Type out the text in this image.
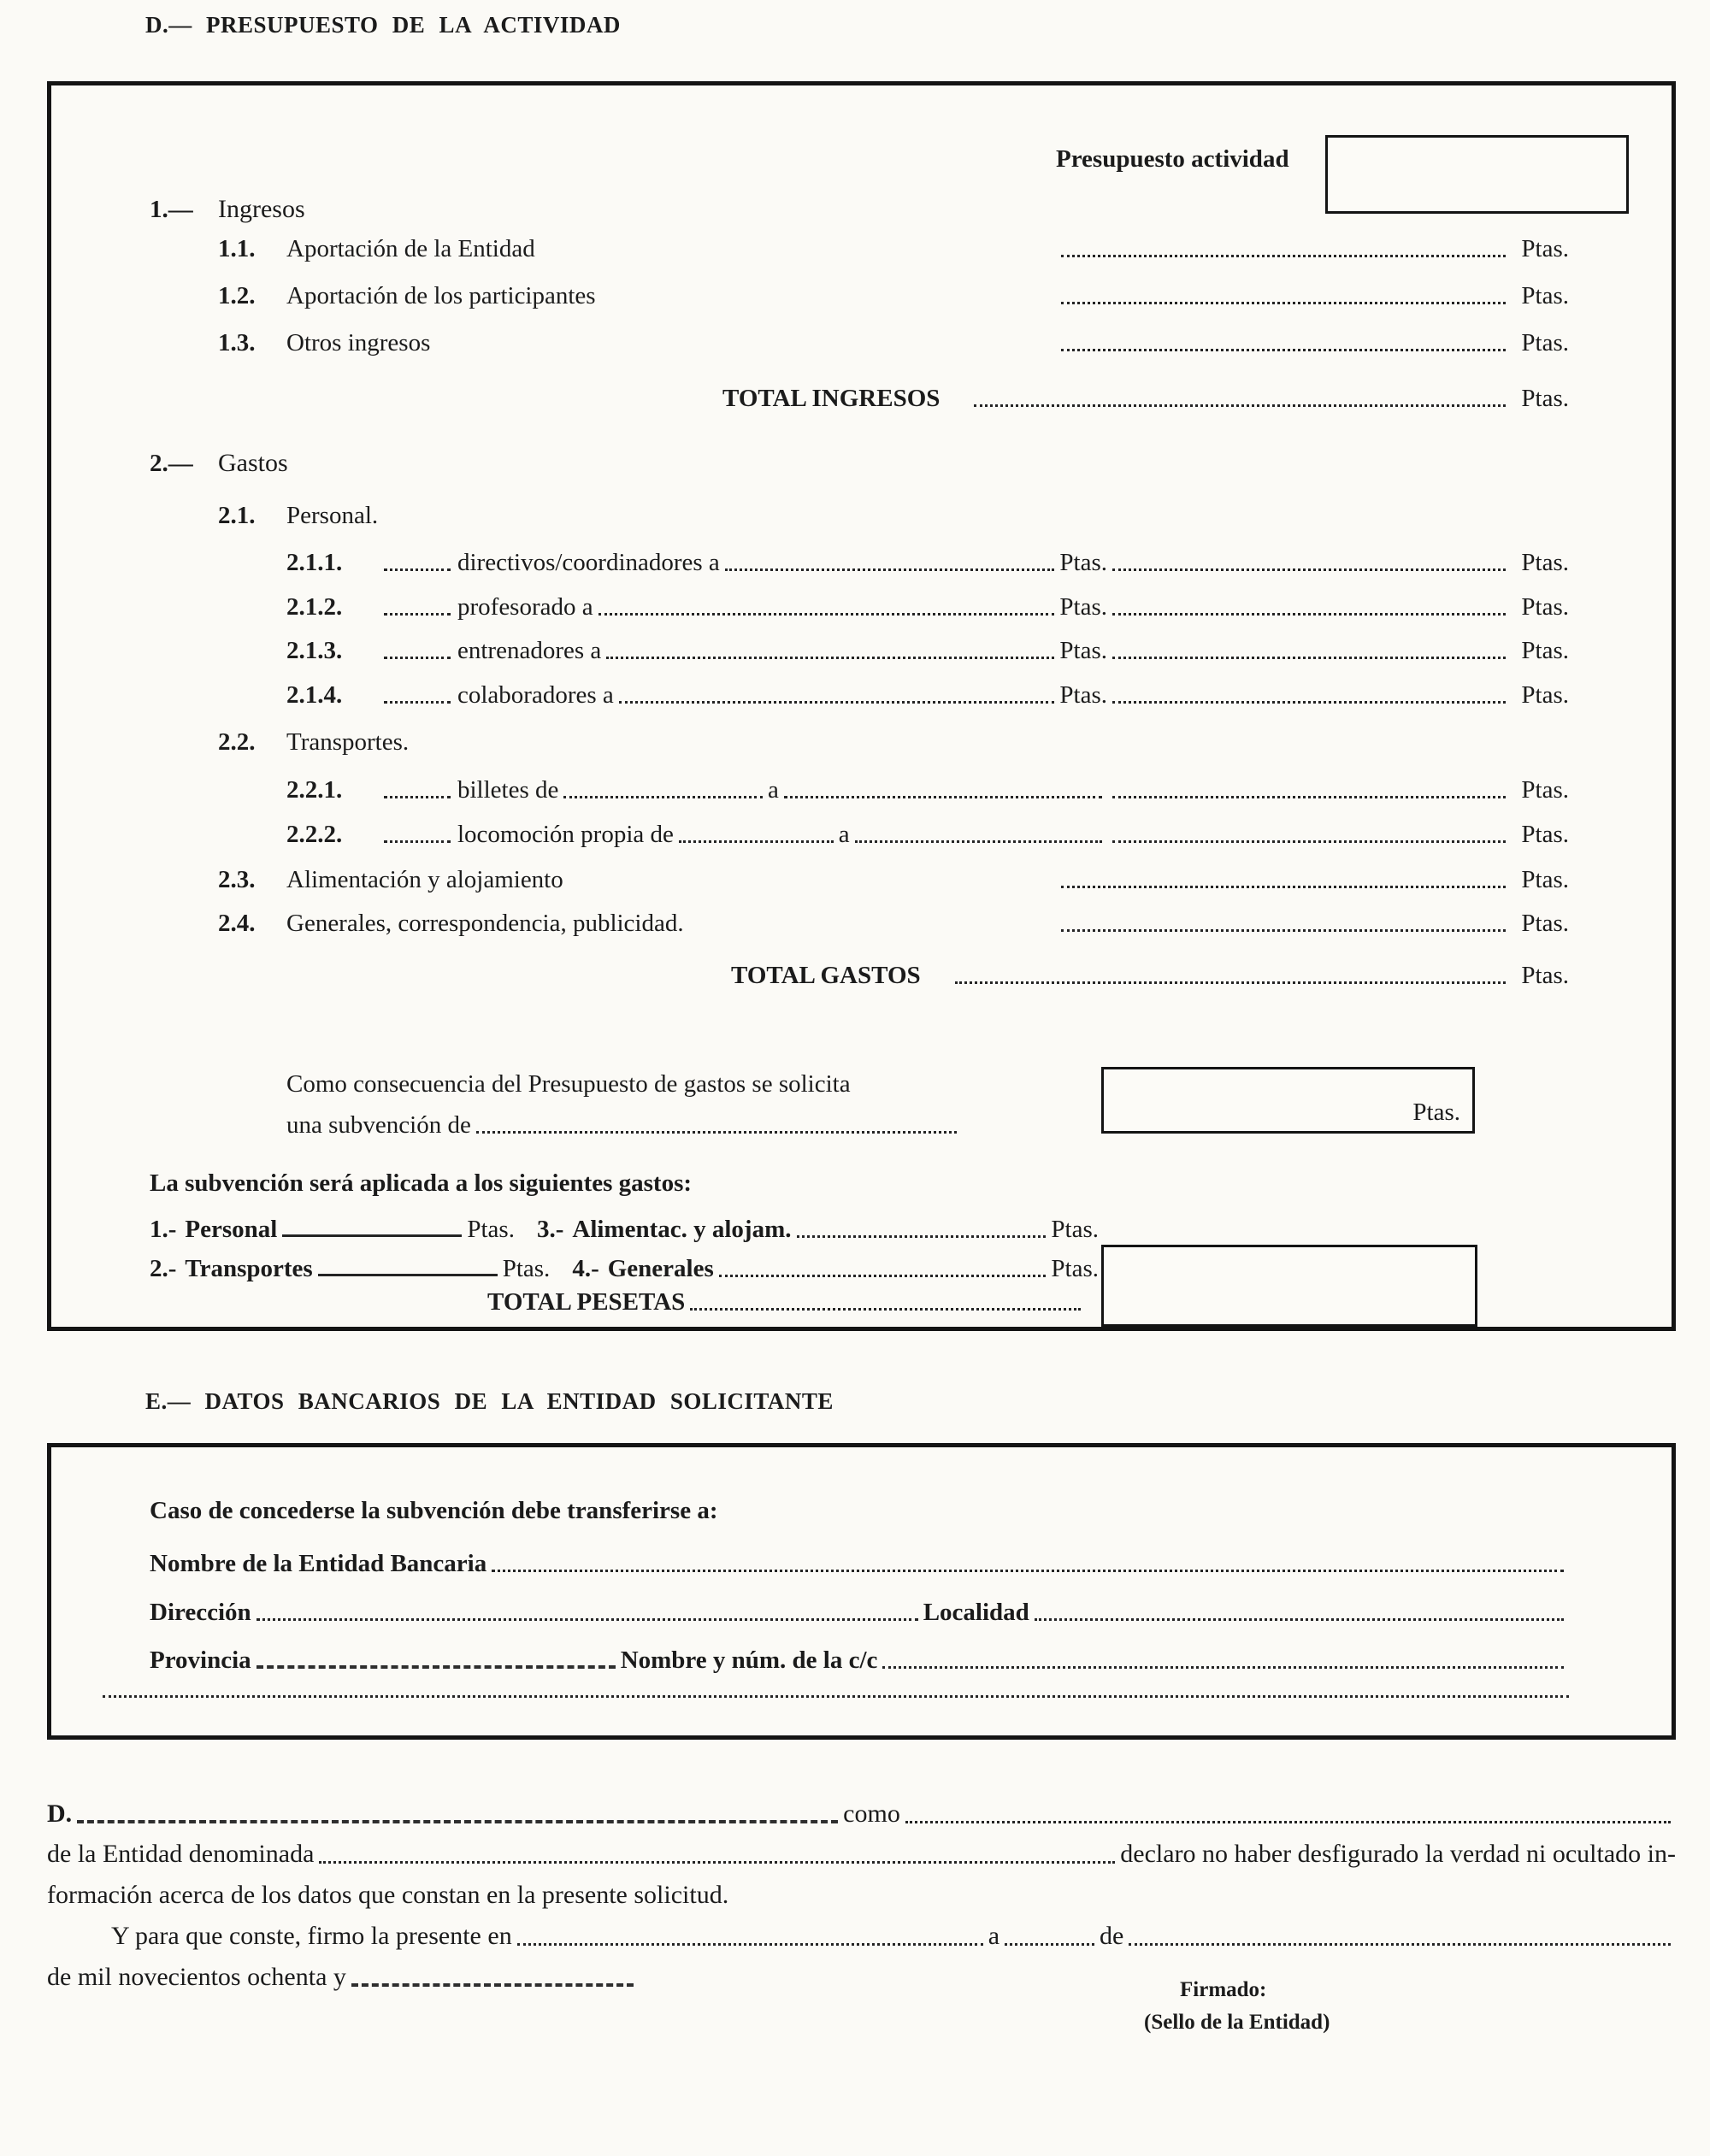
D.— PRESUPUESTO DE LA ACTIVIDAD
Presupuesto actividad
1.— Ingresos
1.1.	Aportación de la Entidad	Ptas.
1.2.	Aportación de los participantes	Ptas.
1.3.	Otros ingresos	Ptas.
TOTAL INGRESOS	Ptas.
2.— Gastos
2.1.	Personal.
2.1.1.	directivos/coordinadores a	Ptas.	Ptas.
2.1.2.	profesorado a	Ptas.	Ptas.
2.1.3.	entrenadores a	Ptas.	Ptas.
2.1.4.	colaboradores a	Ptas.	Ptas.
2.2.	Transportes.
2.2.1.	billetes de	a	Ptas.
2.2.2.	locomoción propia de	a	Ptas.
2.3.	Alimentación y alojamiento	Ptas.
2.4.	Generales, correspondencia, publicidad.	Ptas.
TOTAL GASTOS	Ptas.
Como consecuencia del Presupuesto de gastos se solicita
una subvención de	Ptas.
La subvención será aplicada a los siguientes gastos:
1.- Personal	Ptas. 3.- Alimentac. y alojam.	Ptas.
2.- Transportes	Ptas. 4.- Generales	Ptas.
TOTAL PESETAS
E.— DATOS BANCARIOS DE LA ENTIDAD SOLICITANTE
Caso de concederse la subvención debe transferirse a:
Nombre de la Entidad Bancaria
Dirección	Localidad
Provincia	Nombre y núm. de la c/c
D.	como
de la Entidad denominada	declaro no haber desfigurado la verdad ni ocultado in-
formación acerca de los datos que constan en la presente solicitud.
Y para que conste, firmo la presente en	a	de
de mil novecientos ochenta y	Firmado:
(Sello de la Entidad)
